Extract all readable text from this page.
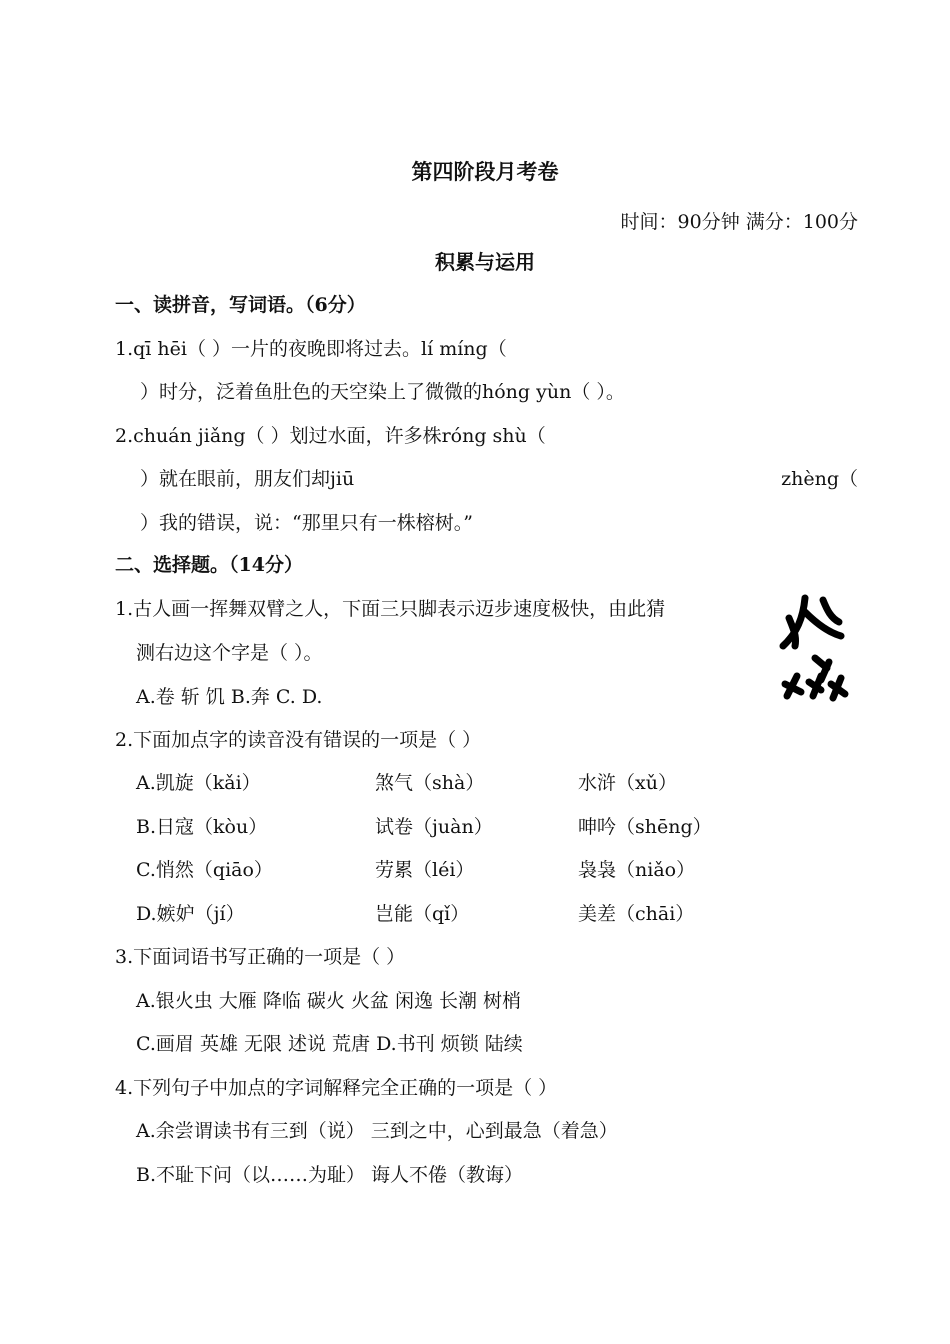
第四阶段月考卷
时间：90分钟 满分：100分
积累与运用
一、读拼音，写词语。（6分）
1.qī hēi（ ）一片的夜晚即将过去。lí míng（
）时分，泛着鱼肚色的天空染上了微微的hóng yùn（ ）。
2.chuán jiǎng（ ）划过水面，许多株róng shù（
）就在眼前，朋友们却jiū	zhèng（
）我的错误，说：“那里只有一株榕树。”
二、选择题。（14分）
1.古人画一挥舞双臂之人，下面三只脚表示迈步速度极快，由此猜
测右边这个字是（ ）。
A.卷 斩 饥 B.奔 C. D.
2.下面加点字的读音没有错误的一项是（ ）
A.凯旋（kǎi）	煞气（shà）	水浒（xǔ）
B.日寇（kòu）	试卷（juàn）	呻吟（shēng）
C.悄然（qiāo）	劳累（léi）	袅袅（niǎo）
D.嫉妒（jí）	岂能（qǐ）	美差（chāi）
3.下面词语书写正确的一项是（ ）
A.银火虫 大雁 降临 碳火 火盆 闲逸 长潮 树梢
C.画眉 英雄 无限 述说 荒唐 D.书刊 烦锁 陆续
4.下列句子中加点的字词解释完全正确的一项是（ ）
A.余尝谓读书有三到（说） 三到之中，心到最急（着急）
B.不耻下问（以……为耻） 诲人不倦（教诲）
